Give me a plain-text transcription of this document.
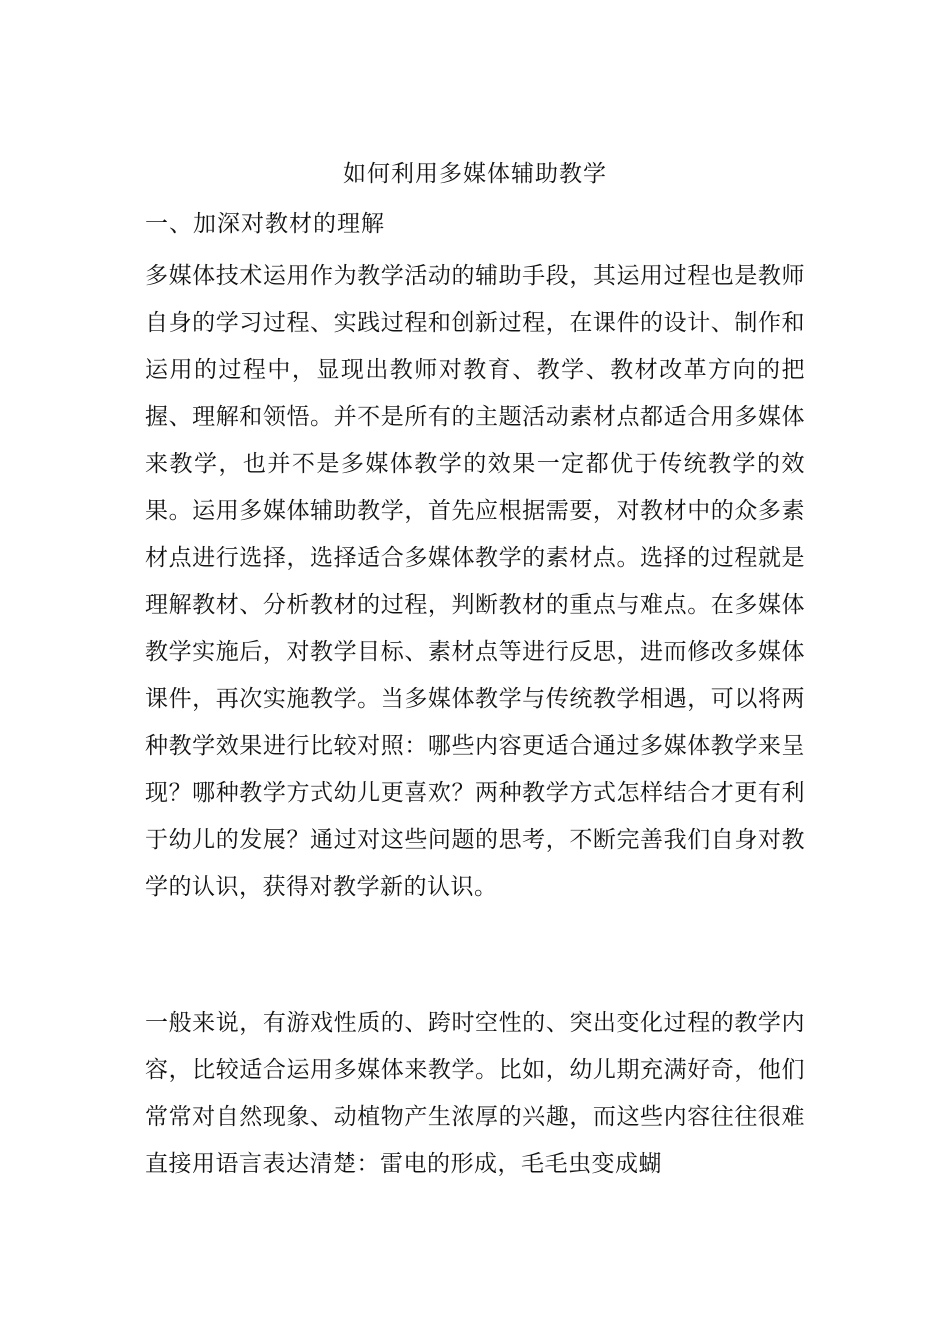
如何利用多媒体辅助教学
一、加深对教材的理解

多媒体技术运用作为教学活动的辅助手段，其运用过程也是教师自身的学习过程、实践过程和创新过程，在课件的设计、制作和运用的过程中，显现出教师对教育、教学、教材改革方向的把握、理解和领悟。并不是所有的主题活动素材点都适合用多媒体来教学，也并不是多媒体教学的效果一定都优于传统教学的效果。运用多媒体辅助教学，首先应根据需要，对教材中的众多素材点进行选择，选择适合多媒体教学的素材点。选择的过程就是理解教材、分析教材的过程，判断教材的重点与难点。在多媒体教学实施后，对教学目标、素材点等进行反思，进而修改多媒体课件，再次实施教学。当多媒体教学与传统教学相遇，可以将两种教学效果进行比较对照：哪些内容更适合通过多媒体教学来呈现？哪种教学方式幼儿更喜欢？两种教学方式怎样结合才更有利于幼儿的发展？通过对这些问题的思考，不断完善我们自身对教学的认识，获得对教学新的认识。

一般来说，有游戏性质的、跨时空性的、突出变化过程的教学内容，比较适合运用多媒体来教学。比如，幼儿期充满好奇，他们常常对自然现象、动植物产生浓厚的兴趣，而这些内容往往很难直接用语言表达清楚：雷电的形成，毛毛虫变成蝴
